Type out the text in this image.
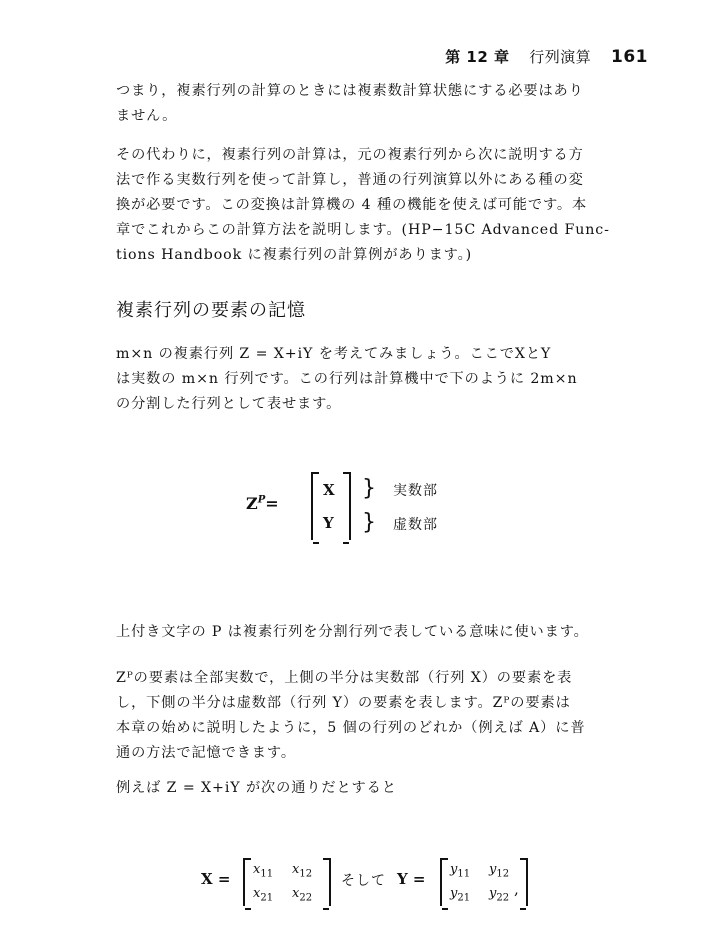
第 12 章 行列演算 161
つまり，複素行列の計算のときには複素数計算状態にする必要はあり
ません。
その代わりに，複素行列の計算は，元の複素行列から次に説明する方
法で作る実数行列を使って計算し，普通の行列演算以外にある種の変
換が必要です。この変換は計算機の 4 種の機能を使えば可能です。本
章でこれからこの計算方法を説明します。(HP−15C Advanced Func-
tions Handbook に複素行列の計算例があります。)
複素行列の要素の記憶
m×n の複素行列 Z = X+iY を考えてみましょう。ここでXとY
は実数の m×n 行列です。この行列は計算機中で下のように 2m×n
の分割した行列として表せます。
$Z^P=$
X
Y
}
}
実数部
虚数部
上付き文字の P は複素行列を分割行列で表している意味に使います。
Zᴾの要素は全部実数で，上側の半分は実数部（行列 X）の要素を表
し，下側の半分は虚数部（行列 Y）の要素を表します。Zᴾの要素は
本章の始めに説明したように，5 個の行列のどれか（例えば A）に普
通の方法で記憶できます。
例えば Z = X+iY が次の通りだとすると
X =
$x_{11}$ $x_{12}$
$x_{21}$ $x_{22}$
そして Y =
$y_{11}$ $y_{12}$
$y_{21}$ $y_{22}$
,
